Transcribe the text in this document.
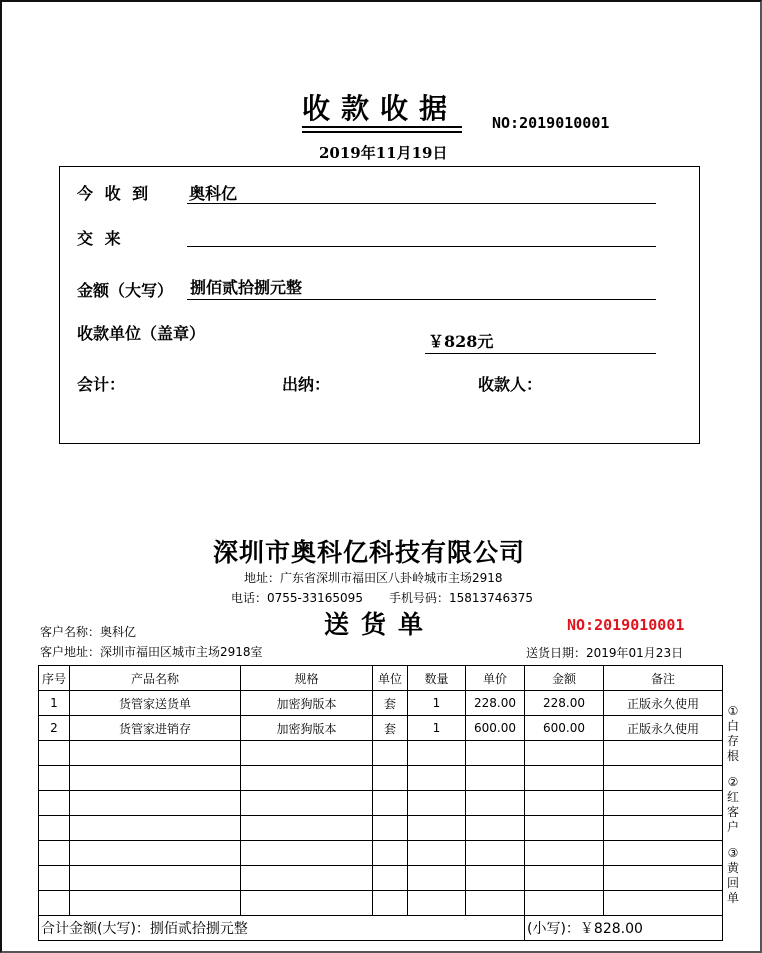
收款收据 NO:2019010001
2019年11月19日
今 收 到 奥科亿
交 来
金额（大写） 捌佰贰拾捌元整
收款单位（盖章）	￥828元
会计：	出纳：	收款人：
深圳市奥科亿科技有限公司
地址：广东省深圳市福田区八卦岭城市主场2918
电话：0755-33165095 手机号码：15813746375
送货单	NO:2019010001
客户名称：奥科亿
客户地址：深圳市福田区城市主场2918室	送货日期：2019年01月23日
序号	产品名称	规格	单位	数量	单价	金额	备注
1	货管家送货单	加密狗版本	套	1	228.00	228.00	正版永久使用
2	货管家进销存	加密狗版本	套	1	600.00	600.00	正版永久使用

合计金额(大写)：捌佰贰拾捌元整						(小写)：￥828.00	
①白存根
②红客户
③黄回单
